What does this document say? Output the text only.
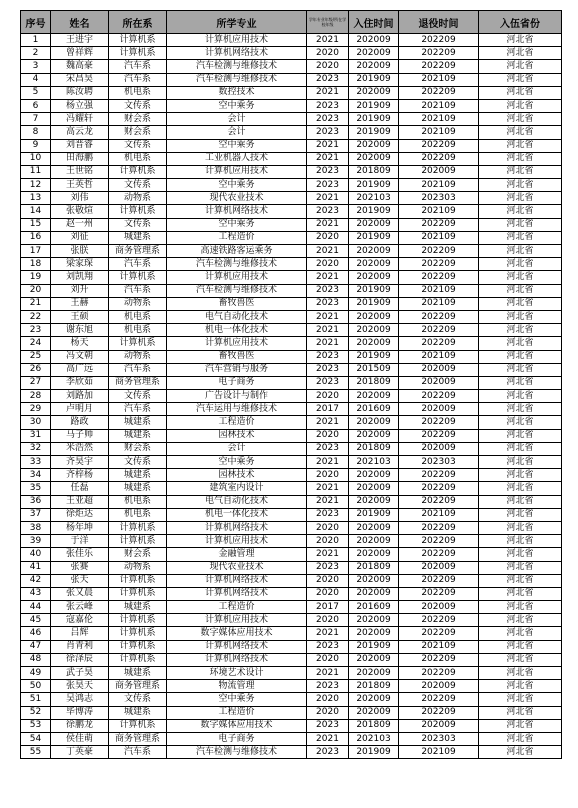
序号	姓名	所在系	所学专业	学年专业年级/所在学校年级	入住时间	退役时间	入伍省份
1	王进宇	计算机系	计算机应用技术	2021	202009	202209	河北省
2	曾祥辉	计算机系	计算机网络技术	2020	202009	202209	河北省
3	魏高豪	汽车系	汽车检测与维修技术	2020	202009	202209	河北省
4	宋昌昊	汽车系	汽车检测与维修技术	2023	201909	202109	河北省
5	陈汝聘	机电系	数控技术	2021	202009	202209	河北省
6	杨立强	文传系	空中乘务	2023	201909	202109	河北省
7	冯耀轩	财会系	会计	2023	201909	202109	河北省
8	高云龙	财会系	会计	2023	201909	202109	河北省
9	刘晋睿	文传系	空中乘务	2021	202009	202209	河北省
10	田海鹏	机电系	工业机器人技术	2021	202009	202209	河北省
11	王世铭	计算机系	计算机应用技术	2023	201809	202009	河北省
12	王英哲	文传系	空中乘务	2023	201909	202109	河北省
13	刘伟	动物系	现代农业技术	2021	202103	202303	河北省
14	张敬煊	计算机系	计算机网络技术	2023	201909	202109	河北省
15	赵一州	文传系	空中乘务	2021	202009	202209	河北省
16	刘征	城建系	工程造价	2020	201909	202109	河北省
17	张朕	商务管理系	高速铁路客运乘务	2021	202009	202209	河北省
18	梁家琛	汽车系	汽车检测与维修技术	2020	202009	202209	河北省
19	刘凯翔	计算机系	计算机应用技术	2021	202009	202209	河北省
20	刘升	汽车系	汽车检测与维修技术	2023	201909	202109	河北省
21	王赫	动物系	畜牧兽医	2023	201909	202109	河北省
22	王硕	机电系	电气自动化技术	2021	202009	202209	河北省
23	谢东旭	机电系	机电一体化技术	2021	202009	202209	河北省
24	杨天	计算机系	计算机应用技术	2021	202009	202209	河北省
25	冯文朝	动物系	畜牧兽医	2023	201909	202109	河北省
26	高广远	汽车系	汽车营销与服务	2023	201509	202009	河北省
27	李欣茹	商务管理系	电子商务	2023	201809	202009	河北省
28	刘路加	文传系	广告设计与制作	2020	202009	202209	河北省
29	卢明月	汽车系	汽车运用与维修技术	2017	201609	202009	河北省
30	路政	城建系	工程造价	2021	202009	202209	河北省
31	马子帅	城建系	园林技术	2020	202009	202209	河北省
32	米浩然	财会系	会计	2023	201809	202009	河北省
33	齐昊宇	文传系	空中乘务	2021	202103	202303	河北省
34	齐梓杨	城建系	园林技术	2020	202009	202209	河北省
35	任磊	城建系	建筑室内设计	2021	202009	202209	河北省
36	王亚超	机电系	电气自动化技术	2021	202009	202209	河北省
37	徐炬达	机电系	机电一体化技术	2023	201909	202109	河北省
38	杨年坤	计算机系	计算机网络技术	2020	202009	202209	河北省
39	于洋	计算机系	计算机应用技术	2020	202009	202209	河北省
40	张佳乐	财会系	金融管理	2021	202009	202209	河北省
41	张赛	动物系	现代农业技术	2023	201809	202009	河北省
42	张天	计算机系	计算机网络技术	2020	202009	202209	河北省
43	张又晨	计算机系	计算机网络技术	2020	202009	202209	河北省
44	张云峰	城建系	工程造价	2017	201609	202009	河北省
45	寇嘉伦	计算机系	计算机应用技术	2020	202009	202209	河北省
46	吕辉	计算机系	数字媒体应用技术	2021	202009	202209	河北省
47	肖青利	计算机系	计算机网络技术	2023	201909	202109	河北省
48	徐泽辰	计算机系	计算机网络技术	2020	202009	202209	河北省
49	武子昊	城建系	环境艺术设计	2021	202009	202209	河北省
50	张昊天	商务管理系	物流管理	2023	201809	202009	河北省
51	吴鸿志	文传系	空中乘务	2020	202009	202209	河北省
52	毕博涛	城建系	工程造价	2020	202009	202209	河北省
53	徐鹏龙	计算机系	数字媒体应用技术	2023	201809	202009	河北省
54	侯佳萌	商务管理系	电子商务	2021	202103	202303	河北省
55	丁英豪	汽车系	汽车检测与维修技术	2023	201909	202109	河北省
